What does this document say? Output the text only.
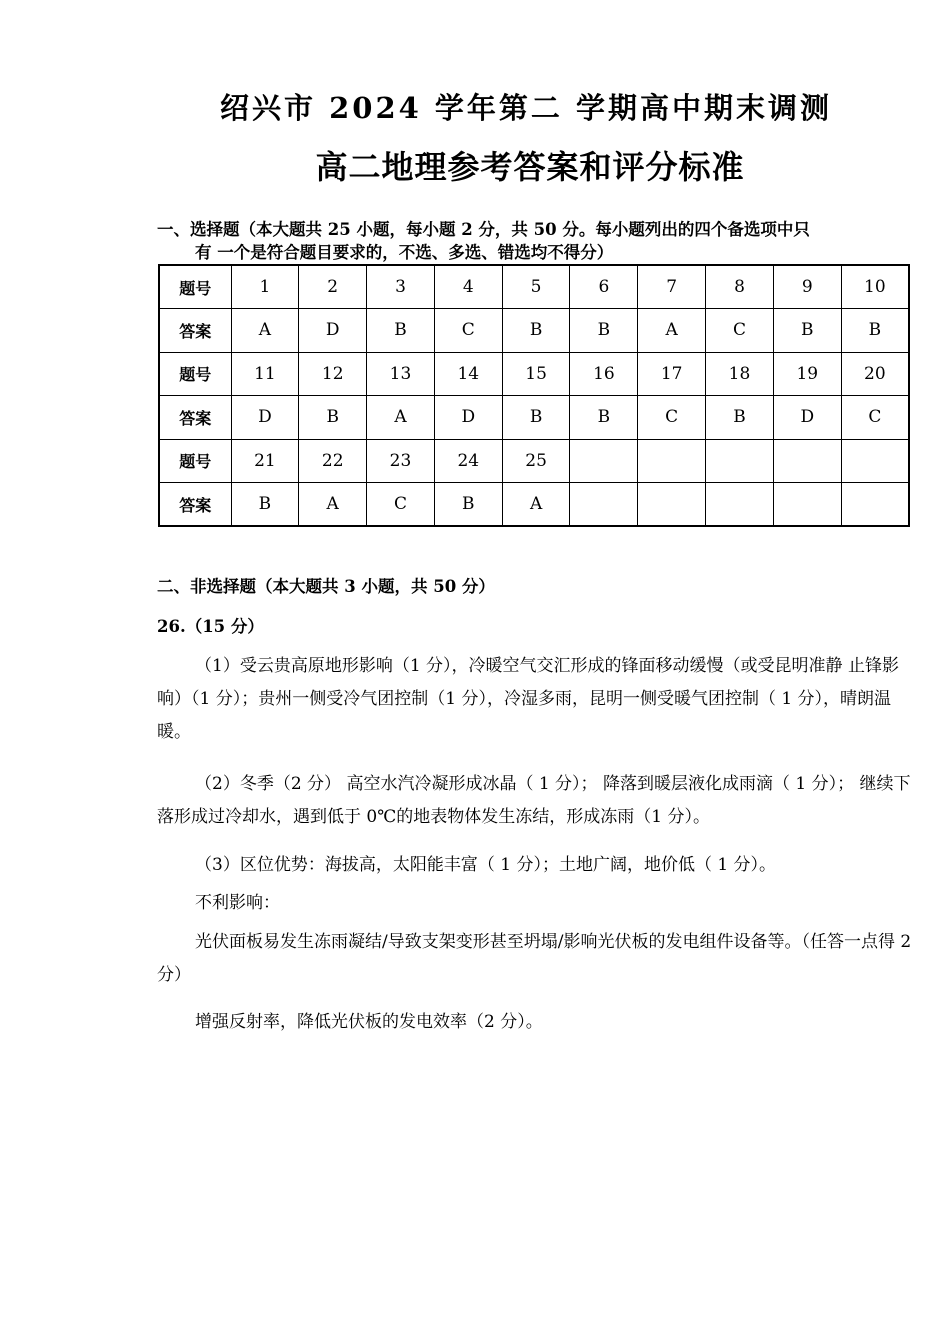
绍兴市 2024 学年第二 学期高中期末调测
高二地理参考答案和评分标准
一、选择题（本大题共 25 小题，每小题 2 分，共 50 分。每小题列出的四个备选项中只
有 一个是符合题目要求的，不选、多选、错选均不得分）
题号	1	2	3	4	5	6	7	8	9	10
答案	A	D	B	C	B	B	A	C	B	B
题号	11	12	13	14	15	16	17	18	19	20
答案	D	B	A	D	B	B	C	B	D	C
题号	21	22	23	24	25					
答案	B	A	C	B	A					
二、非选择题（本大题共 3 小题，共 50 分）
26.（15 分）
（1）受云贵高原地形影响（1 分），冷暖空气交汇形成的锋面移动缓慢（或受昆明准静 止锋影响）（1 分）；贵州一侧受冷气团控制（1 分），冷湿多雨，昆明一侧受暖气团控制（ 1 分），晴朗温暖。
（2）冬季（2 分） 高空水汽冷凝形成冰晶（ 1 分）； 降落到暖层液化成雨滴（ 1 分）； 继续下落形成过冷却水，遇到低于 0℃的地表物体发生冻结，形成冻雨（1 分）。
（3）区位优势：海拔高，太阳能丰富（ 1 分）；土地广阔，地价低（ 1 分）。
不利影响：
光伏面板易发生冻雨凝结/导致支架变形甚至坍塌/影响光伏板的发电组件设备等。（任答一点得 2 分）
增强反射率，降低光伏板的发电效率（2 分）。
